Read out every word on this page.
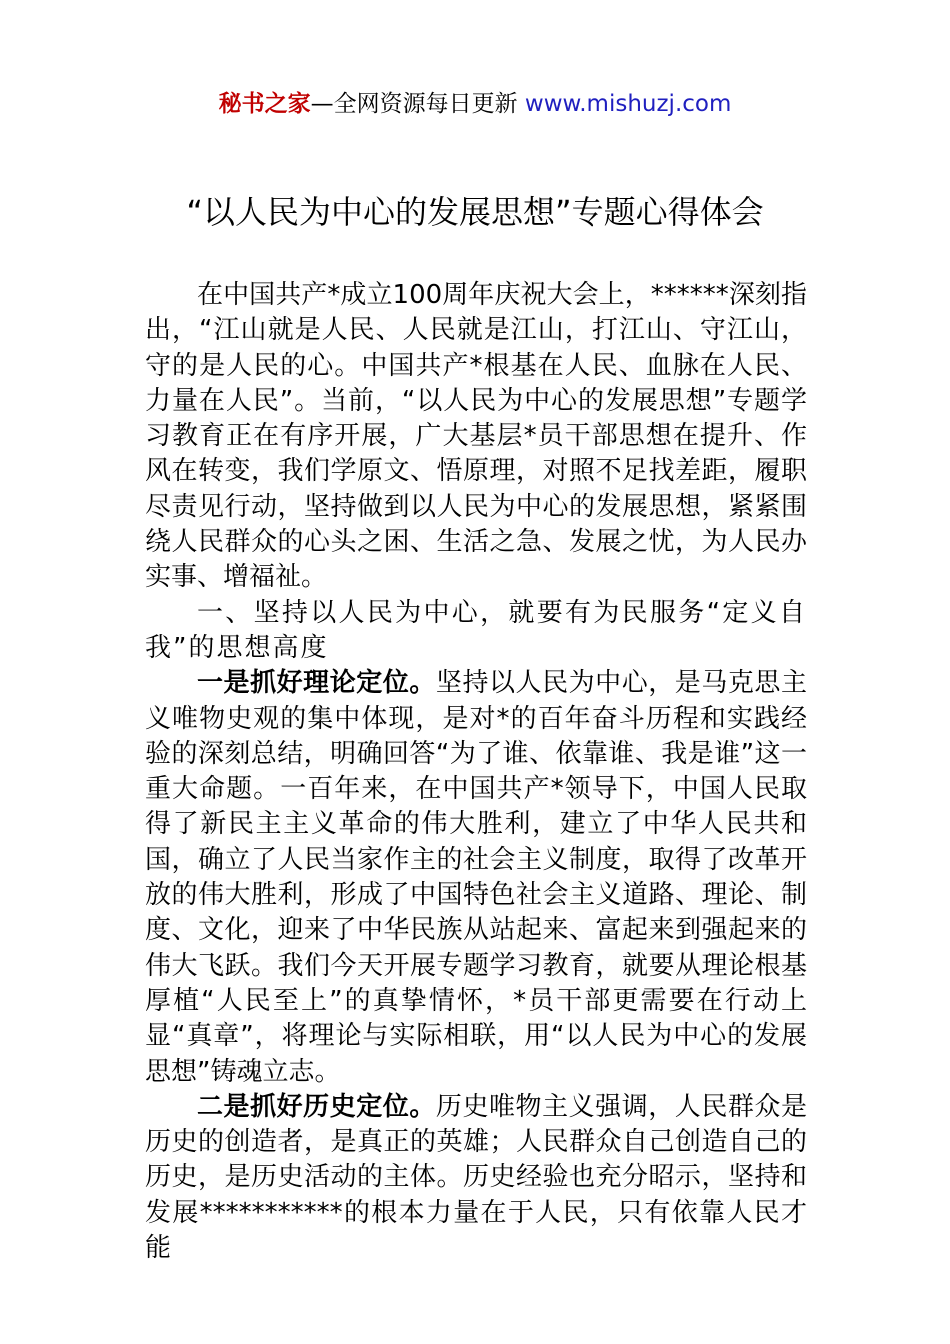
秘书之家—全网资源每日更新 www.mishuzj.com
“以人民为中心的发展思想”专题心得体会

在中国共产*成立100周年庆祝大会上，******深刻指出，“江山就是人民、人民就是江山，打江山、守江山，守的是人民的心。中国共产*根基在人民、血脉在人民、力量在人民”。当前，“以人民为中心的发展思想”专题学习教育正在有序开展，广大基层*员干部思想在提升、作风在转变，我们学原文、悟原理，对照不足找差距，履职尽责见行动，坚持做到以人民为中心的发展思想，紧紧围绕人民群众的心头之困、生活之急、发展之忧，为人民办实事、增福祉。

一、坚持以人民为中心，就要有为民服务“定义自我”的思想高度

一是抓好理论定位。坚持以人民为中心，是马克思主义唯物史观的集中体现，是对*的百年奋斗历程和实践经验的深刻总结，明确回答“为了谁、依靠谁、我是谁”这一重大命题。一百年来，在中国共产*领导下，中国人民取得了新民主主义革命的伟大胜利，建立了中华人民共和国，确立了人民当家作主的社会主义制度，取得了改革开放的伟大胜利，形成了中国特色社会主义道路、理论、制度、文化，迎来了中华民族从站起来、富起来到强起来的伟大飞跃。我们今天开展专题学习教育，就要从理论根基厚植“人民至上”的真挚情怀，*员干部更需要在行动上显“真章”，将理论与实际相联，用“以人民为中心的发展思想”铸魂立志。

二是抓好历史定位。历史唯物主义强调，人民群众是历史的创造者，是真正的英雄；人民群众自己创造自己的历史，是历史活动的主体。历史经验也充分昭示，坚持和发展***********的根本力量在于人民，只有依靠人民才能
